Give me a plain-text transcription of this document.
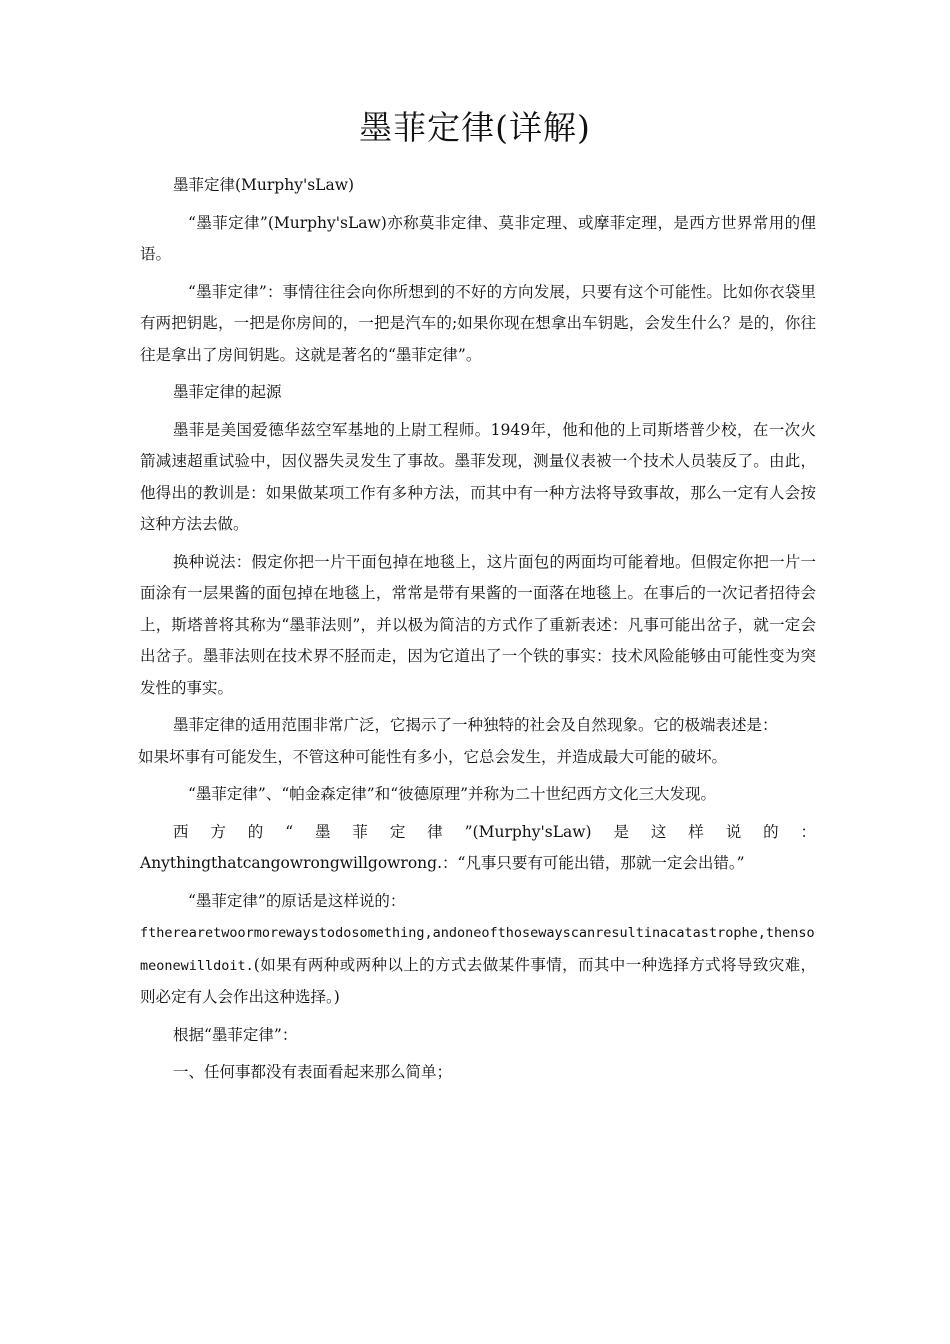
墨菲定律(详解)

墨菲定律(Murphy'sLaw)

“墨菲定律”(Murphy'sLaw)亦称莫非定律、莫非定理、或摩菲定理，是西方世界常用的俚语。

“墨菲定律”：事情往往会向你所想到的不好的方向发展，只要有这个可能性。比如你衣袋里有两把钥匙，一把是你房间的，一把是汽车的;如果你现在想拿出车钥匙，会发生什么？是的，你往往是拿出了房间钥匙。这就是著名的“墨菲定律”。

墨菲定律的起源

墨菲是美国爱德华兹空军基地的上尉工程师。1949年，他和他的上司斯塔普少校，在一次火箭减速超重试验中，因仪器失灵发生了事故。墨菲发现，测量仪表被一个技术人员装反了。由此，他得出的教训是：如果做某项工作有多种方法，而其中有一种方法将导致事故，那么一定有人会按这种方法去做。

换种说法：假定你把一片干面包掉在地毯上，这片面包的两面均可能着地。但假定你把一片一面涂有一层果酱的面包掉在地毯上，常常是带有果酱的一面落在地毯上。在事后的一次记者招待会上，斯塔普将其称为“墨菲法则”，并以极为简洁的方式作了重新表述：凡事可能出岔子，就一定会出岔子。墨菲法则在技术界不胫而走，因为它道出了一个铁的事实：技术风险能够由可能性变为突发性的事实。

墨菲定律的适用范围非常广泛，它揭示了一种独特的社会及自然现象。它的极端表述是：

如果坏事有可能发生，不管这种可能性有多小，它总会发生，并造成最大可能的破坏。

“墨菲定律”、“帕金森定律”和“彼德原理”并称为二十世纪西方文化三大发现。

西方的“墨菲定律”(Murphy'sLaw)是这样说的：

Anythingthatcangowrongwillgowrong.：“凡事只要有可能出错，那就一定会出错。”

“墨菲定律”的原话是这样说的：

ftherearetwoormorewaystodosomething,andoneofthosewayscanresultinacatastrophe,thensomeonewilldoit.(如果有两种或两种以上的方式去做某件事情，而其中一种选择方式将导致灾难，则必定有人会作出这种选择。)

根据“墨菲定律”：

一、任何事都没有表面看起来那么简单；
